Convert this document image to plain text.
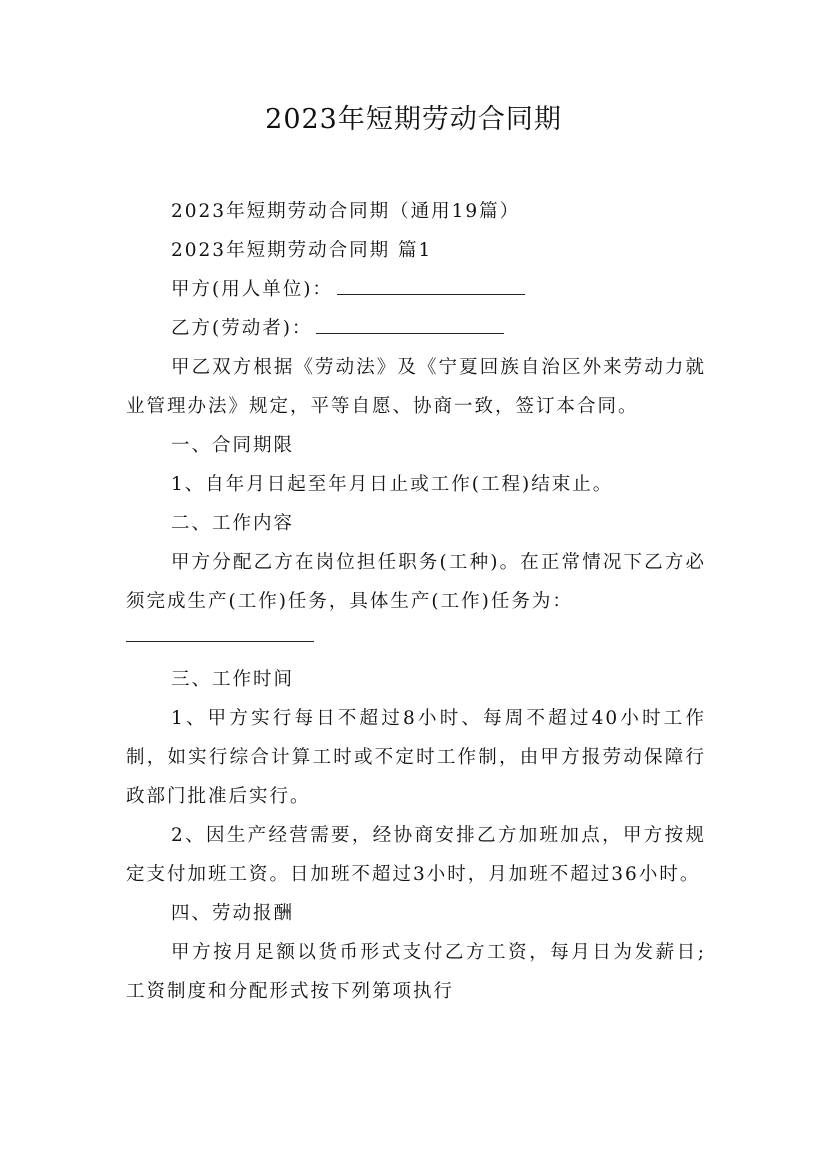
2023年短期劳动合同期

2023年短期劳动合同期（通用19篇）

2023年短期劳动合同期 篇1

甲方(用人单位)：

乙方(劳动者)：

甲乙双方根据《劳动法》及《宁夏回族自治区外来劳动力就业管理办法》规定，平等自愿、协商一致，签订本合同。

一、合同期限

1、自年月日起至年月日止或工作(工程)结束止。

二、工作内容

甲方分配乙方在岗位担任职务(工种)。在正常情况下乙方必须完成生产(工作)任务，具体生产(工作)任务为：

三、工作时间

1、甲方实行每日不超过8小时、每周不超过40小时工作制，如实行综合计算工时或不定时工作制，由甲方报劳动保障行政部门批准后实行。

2、因生产经营需要，经协商安排乙方加班加点，甲方按规定支付加班工资。日加班不超过3小时，月加班不超过36小时。

四、劳动报酬

甲方按月足额以货币形式支付乙方工资，每月日为发薪日;工资制度和分配形式按下列第项执行
